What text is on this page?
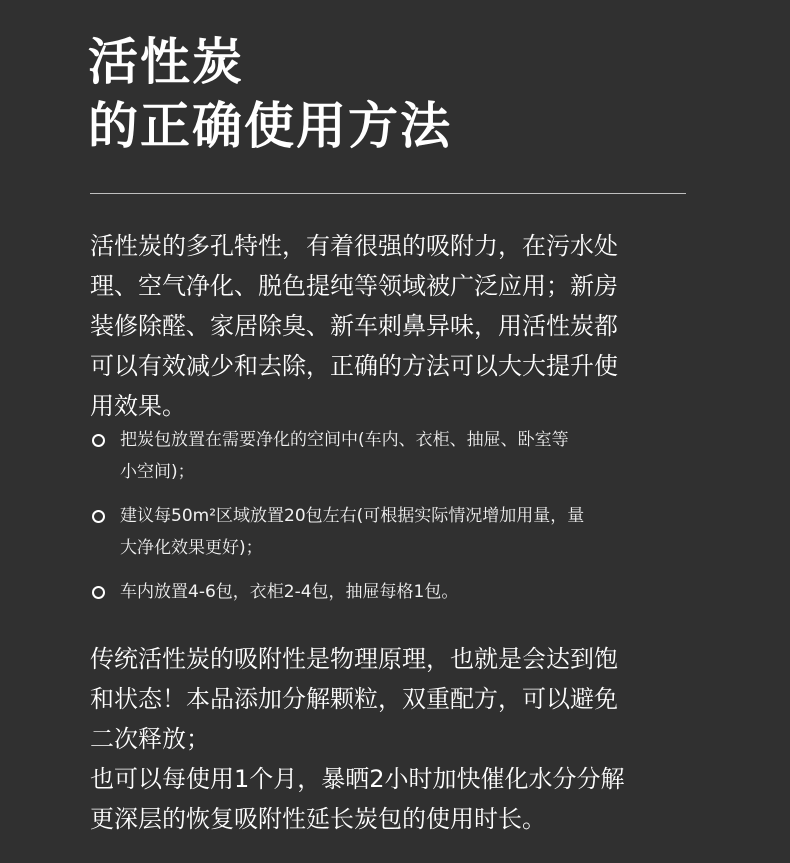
活性炭
的正确使用方法

活性炭的多孔特性，有着很强的吸附力，在污水处
理、空气净化、脱色提纯等领域被广泛应用；新房
装修除醛、家居除臭、新车刺鼻异味，用活性炭都
可以有效减少和去除，正确的方法可以大大提升使
用效果。

把炭包放置在需要净化的空间中(车内、衣柜、抽屉、卧室等
小空间)；
建议每50m²区域放置20包左右(可根据实际情况增加用量，量
大净化效果更好)；
车内放置4-6包，衣柜2-4包，抽屉每格1包。

传统活性炭的吸附性是物理原理，也就是会达到饱
和状态！本品添加分解颗粒，双重配方，可以避免
二次释放；
也可以每使用1个月，暴晒2小时加快催化水分分解
更深层的恢复吸附性延长炭包的使用时长。
